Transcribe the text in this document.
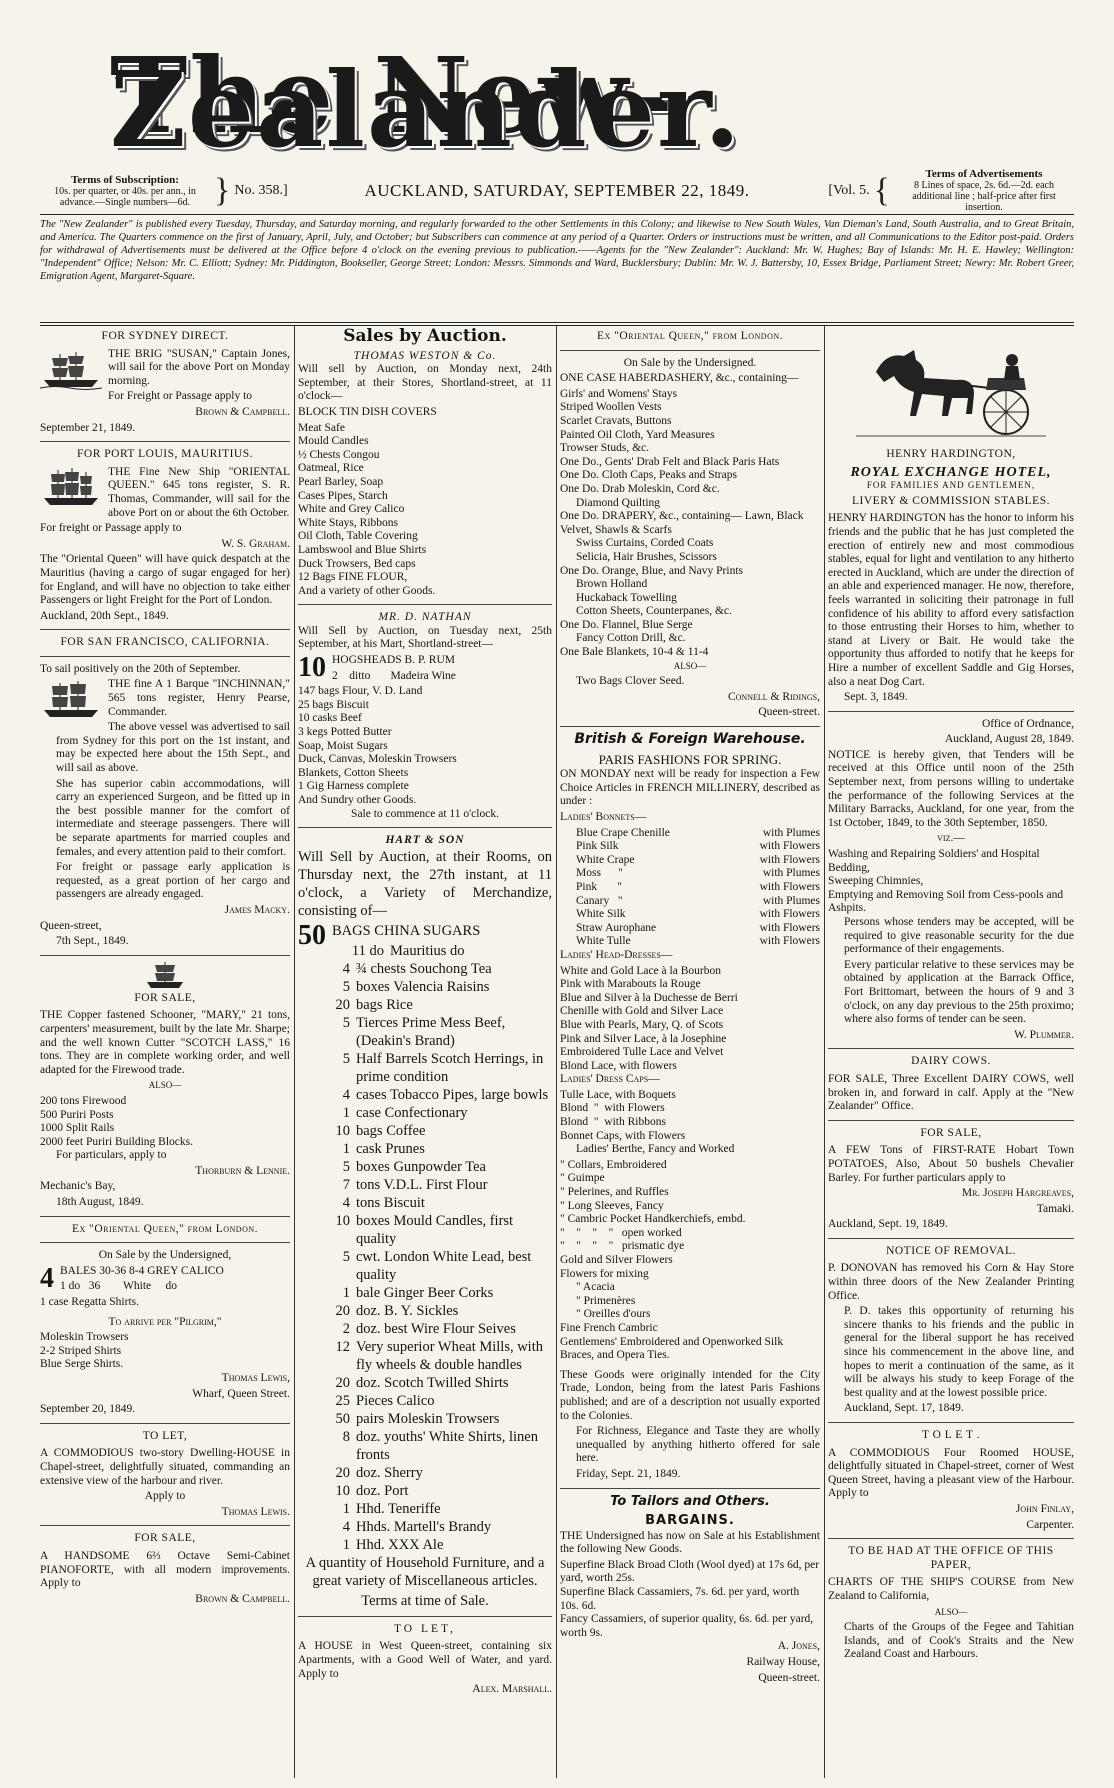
The New-Zealander.
Terms of Subscription:
10s. per quarter, or 40s. per ann., in advance.—Single numbers—6d. } No. 358.]	AUCKLAND, SATURDAY, SEPTEMBER 22, 1849.	[Vol. 5. {	Terms of Advertisements
8 Lines of space, 2s. 6d.—2d. each additional line ; half-price after first insertion.
The "New Zealander" is published every Tuesday, Thursday, and Saturday morning, and regularly forwarded to the other Settlements in this Colony; and likewise to New South Wales, Van Dieman's Land, South Australia, and to Great Britain, and America. The Quarters commence on the first of January, April, July, and October; but Subscribers can commence at any period of a Quarter. Orders or instructions must be written, and all Communications to the Editor post-paid. Orders for withdrawal of Advertisements must be delivered at the Office before 4 o'clock on the evening previous to publication.——Agents for the "New Zealander": Auckland: Mr. W. Hughes; Bay of Islands: Mr. H. E. Hawley; Wellington: "Independent" Office; Nelson: Mr. C. Elliott; Sydney: Mr. Piddington, Bookseller, George Street; London: Messrs. Simmonds and Ward, Bucklersbury; Dublin: Mr. W. J. Battersby, 10, Essex Bridge, Parliament Street; Newry: Mr. Robert Greer, Emigration Agent, Margaret-Square.
FOR SYDNEY DIRECT.

THE BRIG "SUSAN," Captain Jones, will sail for the above Port on Monday morning.

For Freight or Passage apply to

Brown & Campbell.

September 21, 1849.

FOR PORT LOUIS, MAURITIUS.

THE Fine New Ship "ORIENTAL QUEEN." 645 tons register, S. R. Thomas, Commander, will sail for the above Port on or about the 6th October.

For freight or Passage apply to

W. S. Graham.

The "Oriental Queen" will have quick despatch at the Mauritius (having a cargo of sugar engaged for her) for England, and will have no objection to take either Passengers or light Freight for the Port of London.

Auckland, 20th Sept., 1849.

FOR SAN FRANCISCO, CALIFORNIA.

To sail positively on the 20th of September.

THE fine A 1 Barque "INCHINNAN," 565 tons register, Henry Pearse, Commander.

The above vessel was advertised to sail from Sydney for this port on the 1st instant, and may be expected here about the 15th Sept., and will sail as above.

She has superior cabin accommodations, will carry an experienced Surgeon, and be fitted up in the best possible manner for the comfort of intermediate and steerage passengers. There will be separate apartments for married couples and females, and every attention paid to their comfort.

For freight or passage early application is requested, as a great portion of her cargo and passengers are already engaged.

James Macky.

Queen-street,

7th Sept., 1849.

FOR SALE,

THE Copper fastened Schooner, "MARY," 21 tons, carpenters' measurement, built by the late Mr. Sharpe; and the well known Cutter "SCOTCH LASS," 16 tons. They are in complete working order, and well adapted for the Firewood trade.

ALSO—

200 tons Firewood
500 Puriri Posts
1000 Split Rails
2000 feet Puriri Building Blocks.

For particulars, apply to

Thorburn & Lennie.

Mechanic's Bay,

18th August, 1849.

Ex "Oriental Queen," from London.

On Sale by the Undersigned,

4 BALES 30-36 8-4 GREY CALICO

1 do   36        White     do

1 case Regatta Shirts.

To arrive per "Pilgrim,"

Moleskin Trowsers
2-2 Striped Shirts
Blue Serge Shirts.

Thomas Lewis,

Wharf, Queen Street.

September 20, 1849.

TO LET,

A COMMODIOUS two-story Dwelling-HOUSE in Chapel-street, delightfully situated, commanding an extensive view of the harbour and river.

Apply to

Thomas Lewis.

FOR SALE,

A HANDSOME 6⅔ Octave Semi-Cabinet PIANOFORTE, with all modern improvements. Apply to

Brown & Campbell.

Sales by Auction.
THOMAS WESTON & Co.

Will sell by Auction, on Monday next, 24th September, at their Stores, Shortland-street, at 11 o'clock—

BLOCK TIN DISH COVERS

Meat Safe
Mould Candles
½ Chests Congou
Oatmeal, Rice
Pearl Barley, Soap
Cases Pipes, Starch
White and Grey Calico
White Stays, Ribbons
Oil Cloth, Table Covering
Lambswool and Blue Shirts
Duck Trowsers, Bed caps
12 Bags FINE FLOUR,
And a variety of other Goods.
MR. D. NATHAN

Will Sell by Auction, on Tuesday next, 25th September, at his Mart, Shortland-street—

10 HOGSHEADS B. P. RUM

2    ditto       Madeira Wine

147 bags Flour, V. D. Land
25 bags Biscuit
10 casks Beef
3 kegs Potted Butter
Soap, Moist Sugars
Duck, Canvas, Moleskin Trowsers
Blankets, Cotton Sheets
1 Gig Harness complete
And Sundry other Goods.

Sale to commence at 11 o'clock.

HART & SON

Will Sell by Auction, at their Rooms, on Thursday next, the 27th instant, at 11 o'clock, a Variety of Merchandize, consisting of—

50 BAGS CHINA SUGARS

11 do Mauritius do
4 ¾ chests Souchong Tea
5 boxes Valencia Raisins
20 bags Rice
5 Tierces Prime Mess Beef, (Deakin's Brand)
5 Half Barrels Scotch Herrings, in prime condition
4 cases Tobacco Pipes, large bowls
1 case Confectionary
10 bags Coffee
1 cask Prunes
5 boxes Gunpowder Tea
7 tons V.D.L. First Flour
4 tons Biscuit
10 boxes Mould Candles, first quality
5 cwt. London White Lead, best quality
1 bale Ginger Beer Corks
20 doz. B. Y. Sickles
2 doz. best Wire Flour Seives
12 Very superior Wheat Mills, with fly wheels & double handles
20 doz. Scotch Twilled Shirts
25 Pieces Calico
50 pairs Moleskin Trowsers
8 doz. youths' White Shirts, linen fronts
20 doz. Sherry
10 doz. Port
1 Hhd. Teneriffe
4 Hhds. Martell's Brandy
1 Hhd. XXX Ale

A quantity of Household Furniture, and a great variety of Miscellaneous articles.

Terms at time of Sale.

TO LET,

A HOUSE in West Queen-street, containing six Apartments, with a Good Well of Water, and yard. Apply to

Alex. Marshall.

Ex "Oriental Queen," from London.

On Sale by the Undersigned.

ONE CASE HABERDASHERY, &c., containing—

Girls' and Womens' Stays
Striped Woollen Vests
Scarlet Cravats, Buttons
Painted Oil Cloth, Yard Measures
Trowser Studs, &c.
One Do., Gents' Drab Felt and Black Paris Hats
One Do. Cloth Caps, Peaks and Straps
One Do. Drab Moleskin, Cord &c.
Diamond Quilting
One Do. DRAPERY, &c., containing— Lawn, Black Velvet, Shawls & Scarfs
Swiss Curtains, Corded Coats
Selicia, Hair Brushes, Scissors
One Do. Orange, Blue, and Navy Prints
Brown Holland
Huckaback Towelling
Cotton Sheets, Counterpanes, &c.
One Do. Flannel, Blue Serge
Fancy Cotton Drill, &c.
One Bale Blankets, 10-4 & 11-4

ALSO—

Two Bags Clover Seed.

Connell & Ridings,

Queen-street.

British & Foreign Warehouse.
PARIS FASHIONS FOR SPRING.

ON MONDAY next will be ready for inspection a Few Choice Articles in FRENCH MILLINERY, described as under :

Ladies' Bonnets—

Blue Crape Chenille	with Plumes
Pink Silk	with Flowers
White Crape	with Flowers
Moss      "	with Plumes
Pink       "	with Flowers
Canary   "	with Plumes
White Silk	with Flowers
Straw Aurophane	with Flowers
White Tulle	with Flowers

Ladies' Head-Dresses—

White and Gold Lace à la Bourbon
Pink with Marabouts la Rouge
Blue and Silver à la Duchesse de Berri
Chenille with Gold and Silver Lace
Blue with Pearls, Mary, Q. of Scots
Pink and Silver Lace, à la Josephine
Embroidered Tulle Lace and Velvet
Blond Lace, with flowers

Ladies' Dress Caps—

Tulle Lace, with Boquets
Blond  "  with Flowers
Blond  "  with Ribbons
Bonnet Caps, with Flowers

Ladies' Berthe, Fancy and Worked

" Collars, Embroidered
" Guimpe
" Pelerines, and Ruffles
" Long Sleeves, Fancy
" Cambric Pocket Handkerchiefs, embd.
"    "    "    "   open worked
"    "    "    "   prismatic dye
Gold and Silver Flowers
Flowers for mixing
" Acacia
" Primenères
" Oreilles d'ours
Fine French Cambric
Gentlemens' Embroidered and Openworked Silk Braces, and Opera Ties.

These Goods were originally intended for the City Trade, London, being from the latest Paris Fashions published; and are of a description not usually exported to the Colonies.

For Richness, Elegance and Taste they are wholly unequalled by anything hitherto offered for sale here.

Friday, Sept. 21, 1849.

To Tailors and Others.
BARGAINS.

THE Undersigned has now on Sale at his Establishment the following New Goods.

Superfine Black Broad Cloth (Wool dyed) at 17s 6d, per yard, worth 25s.
Superfine Black Cassamiers, 7s. 6d. per yard, worth 10s. 6d.
Fancy Cassamiers, of superior quality, 6s. 6d. per yard, worth 9s.

A. Jones,

Railway House,

Queen-street.

HENRY HARDINGTON,
ROYAL EXCHANGE HOTEL,
FOR FAMILIES AND GENTLEMEN,
LIVERY & COMMISSION STABLES.

HENRY HARDINGTON has the honor to inform his friends and the public that he has just completed the erection of entirely new and most commodious stables, equal for light and ventilation to any hitherto erected in Auckland, which are under the direction of an able and experienced manager. He now, therefore, feels warranted in soliciting their patronage in full confidence of his ability to afford every satisfaction to those entrusting their Horses to him, whether to stand at Livery or Bait. He would take the opportunity thus afforded to notify that he keeps for Hire a number of excellent Saddle and Gig Horses, also a neat Dog Cart.

Sept. 3, 1849.

Office of Ordnance,

Auckland, August 28, 1849.

NOTICE is hereby given, that Tenders will be received at this Office until noon of the 25th September next, from persons willing to undertake the performance of the following Services at the Military Barracks, Auckland, for one year, from the 1st October, 1849, to the 30th September, 1850.

viz.—

Washing and Repairing Soldiers' and Hospital Bedding,
Sweeping Chimnies,
Emptying and Removing Soil from Cess-pools and Ashpits.

Persons whose tenders may be accepted, will be required to give reasonable security for the due performance of their engagements.

Every particular relative to these services may be obtained by application at the Barrack Office, Fort Brittomart, between the hours of 9 and 3 o'clock, on any day previous to the 25th proximo; where also forms of tender can be seen.

W. Plummer.

DAIRY COWS.

FOR SALE, Three Excellent DAIRY COWS, well broken in, and forward in calf. Apply at the "New Zealander" Office.

FOR SALE,

A FEW Tons of FIRST-RATE Hobart Town POTATOES, Also, About 50 bushels Chevalier Barley. For further particulars apply to

Mr. Joseph Hargreaves,

Tamaki.

Auckland, Sept. 19, 1849.

NOTICE OF REMOVAL.

P. DONOVAN has removed his Corn & Hay Store within three doors of the New Zealander Printing Office.

P. D. takes this opportunity of returning his sincere thanks to his friends and the public in general for the liberal support he has received since his commencement in the above line, and hopes to merit a continuation of the same, as it will be always his study to keep Forage of the best quality and at the lowest possible price.

Auckland, Sept. 17, 1849.

T O L E T .

A COMMODIOUS Four Roomed HOUSE, delightfully situated in Chapel-street, corner of West Queen Street, having a pleasant view of the Harbour. Apply to

John Finlay,

Carpenter.

TO BE HAD AT THE OFFICE OF THIS PAPER,

CHARTS OF THE SHIP'S COURSE from New Zealand to California,

ALSO—

Charts of the Groups of the Fegee and Tahitian Islands, and of Cook's Straits and the New Zealand Coast and Harbours.
